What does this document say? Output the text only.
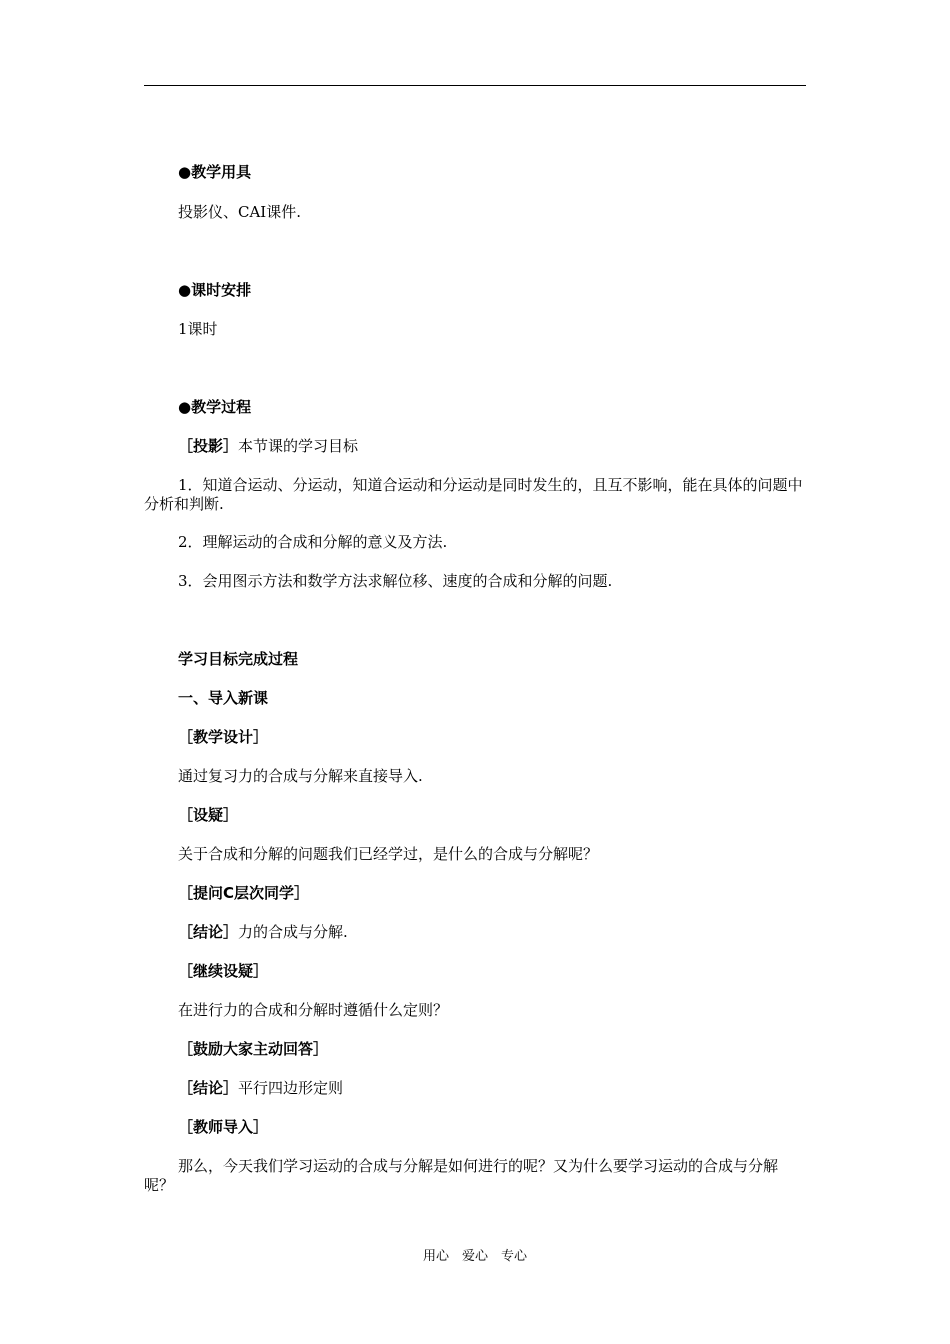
●教学用具
投影仪、CAI课件.
●课时安排
1课时
●教学过程
［投影］本节课的学习目标
1．知道合运动、分运动，知道合运动和分运动是同时发生的，且互不影响，能在具体的问题中分析和判断.
2．理解运动的合成和分解的意义及方法.
3．会用图示方法和数学方法求解位移、速度的合成和分解的问题.
学习目标完成过程
一、导入新课
［教学设计］
通过复习力的合成与分解来直接导入.
［设疑］
关于合成和分解的问题我们已经学过，是什么的合成与分解呢？
［提问C层次同学］
［结论］力的合成与分解.
［继续设疑］
在进行力的合成和分解时遵循什么定则？
［鼓励大家主动回答］
［结论］平行四边形定则
［教师导入］
那么，今天我们学习运动的合成与分解是如何进行的呢？又为什么要学习运动的合成与分解呢？
用心　爱心　专心
